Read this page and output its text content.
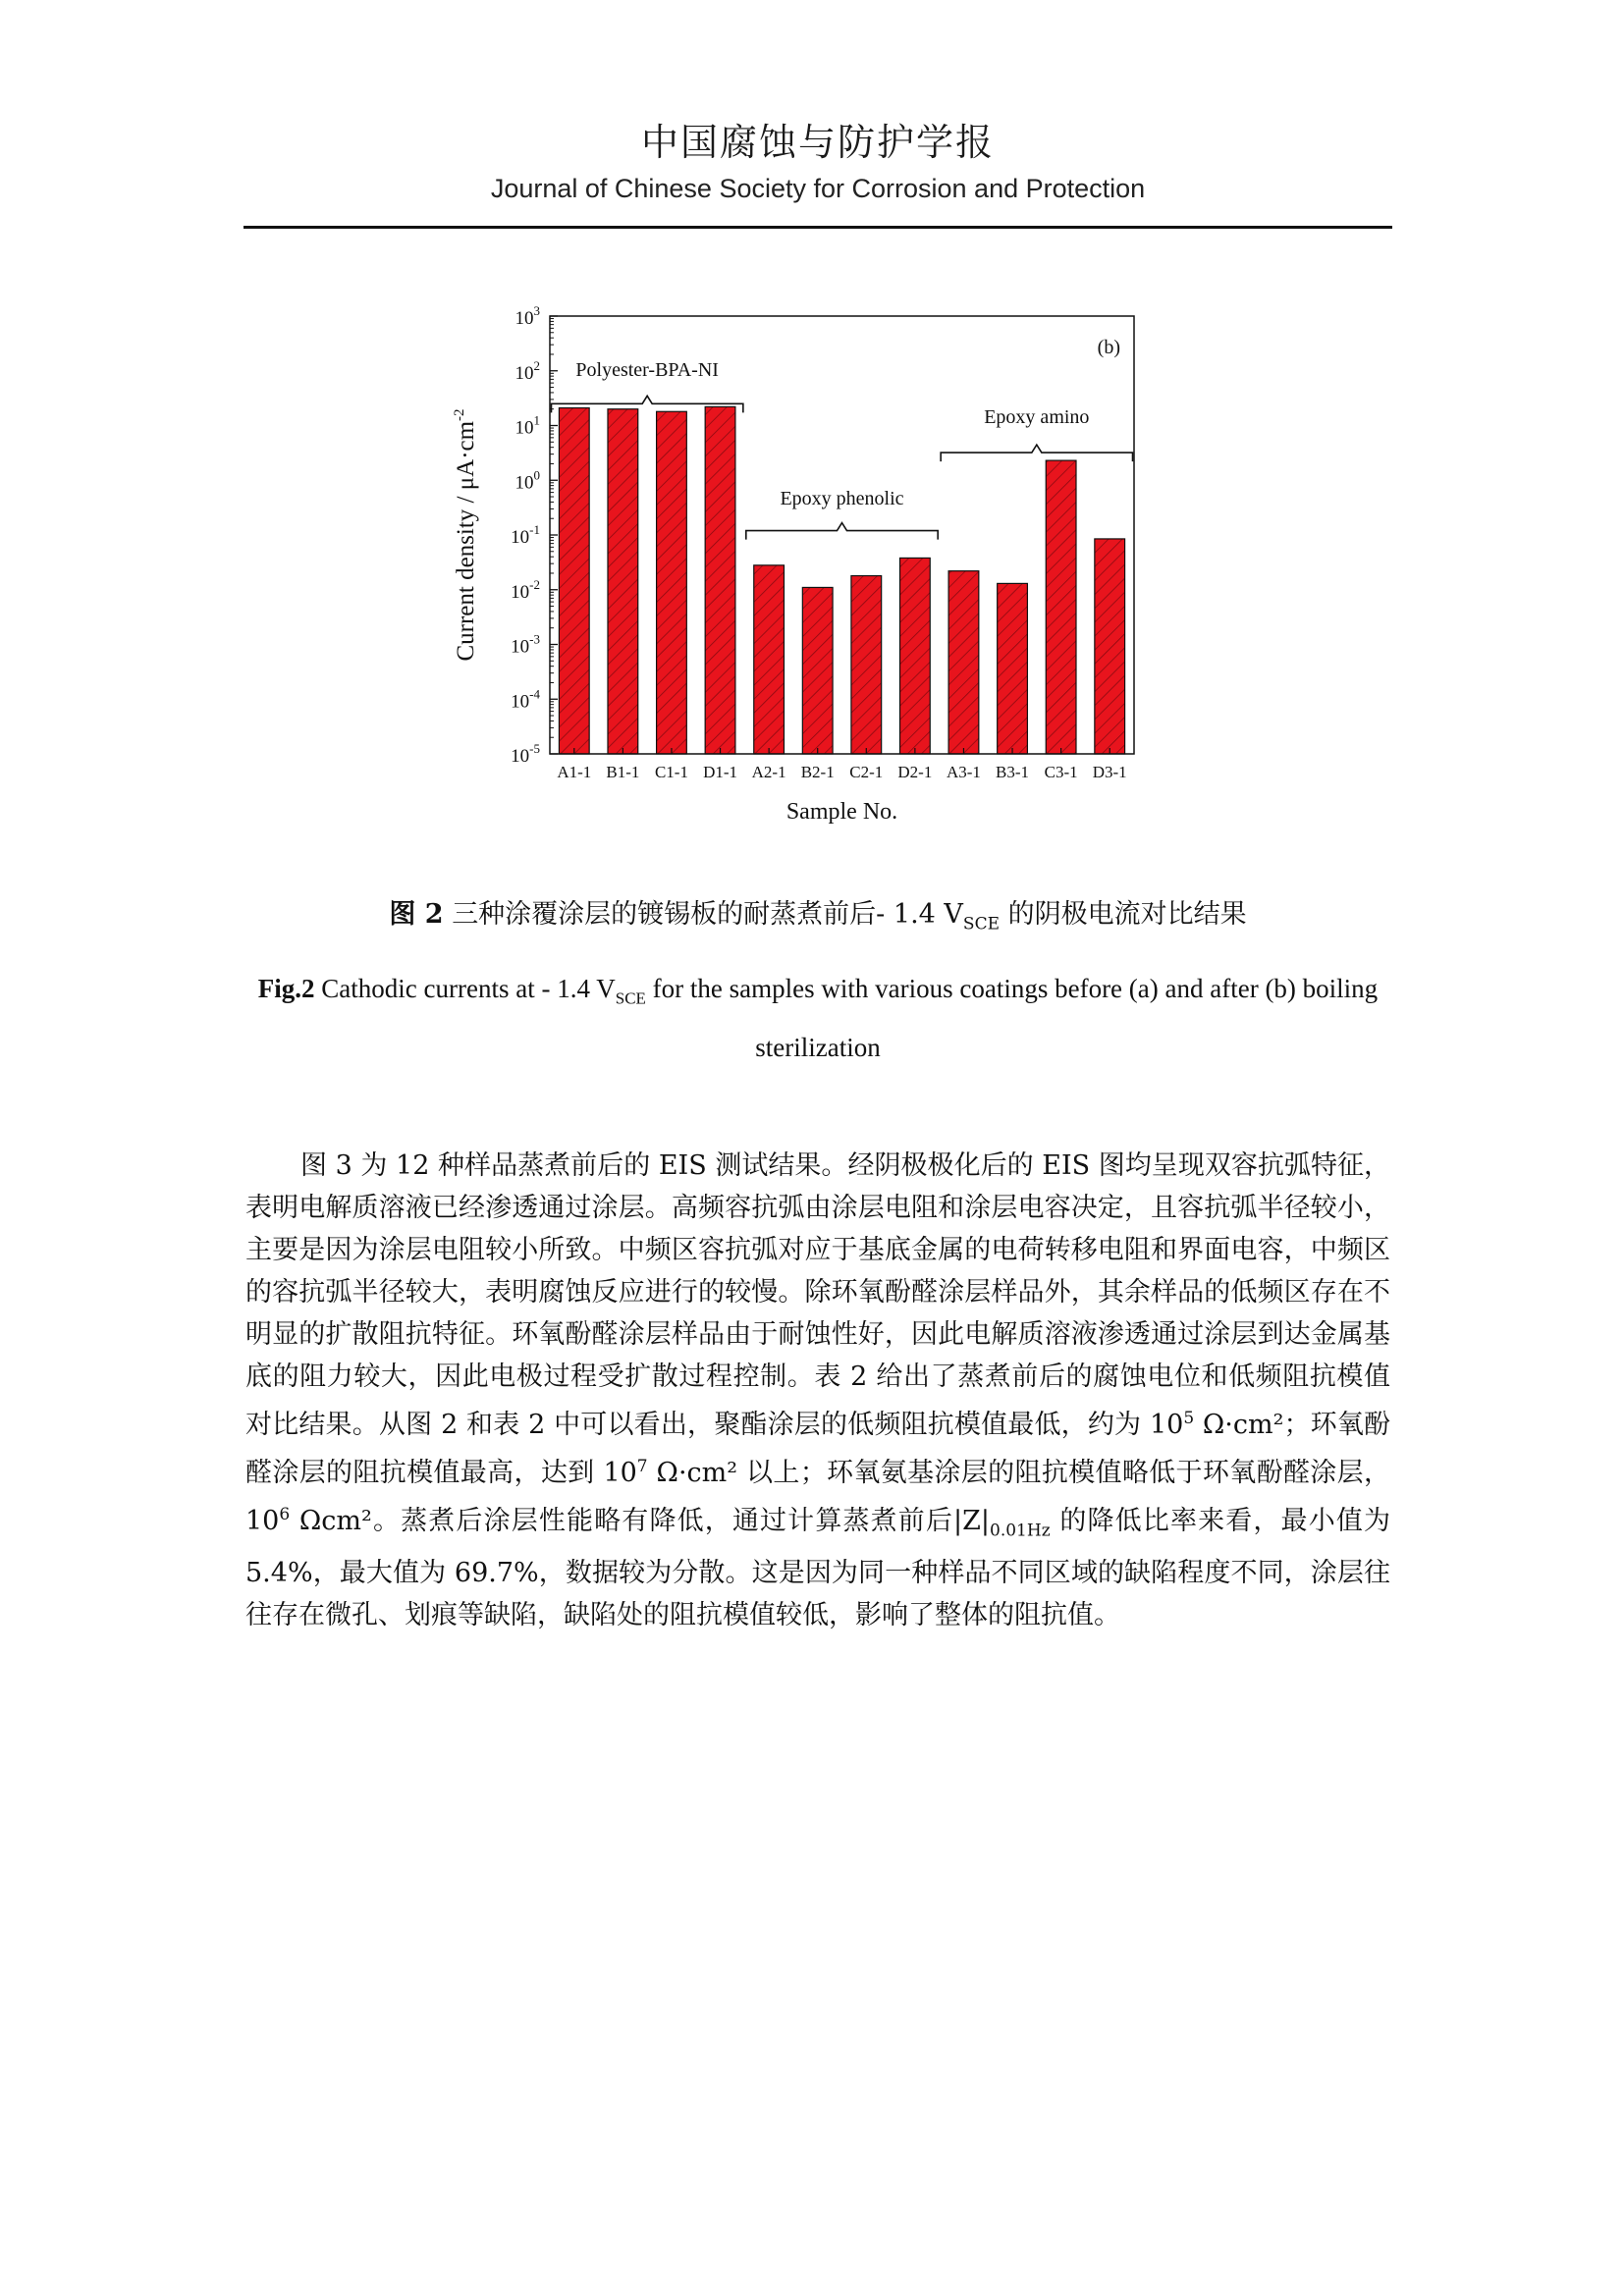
中国腐蚀与防护学报
Journal of Chinese Society for Corrosion and Protection
$10^{-5}$
$10^{-4}$
$10^{-3}$
$10^{-2}$
$10^{-1}$
$10^0$
$10^1$
$10^2$
$10^3$
A1-1 B1-1 C1-1 D1-1 A2-1 B2-1 C2-1 D2-1 A3-1 B3-1 C3-1 D3-1
Sample No.
Current density / $\mu A\cdot cm^{-2}$
(b)
Polyester-BPA-NI
Epoxy phenolic
Epoxy amino
图 2 三种涂覆涂层的镀锡板的耐蒸煮前后- 1.4 $V_{SCE}$ 的阴极电流对比结果
Fig.2 Cathodic currents at - 1.4 $V_{SCE}$ for the samples with various coatings before (a) and after (b) boiling sterilization
图 3 为 12 种样品蒸煮前后的 EIS 测试结果。经阴极极化后的 EIS 图均呈现双容抗弧特征，表明电解质溶液已经渗透通过涂层。高频容抗弧由涂层电阻和涂层电容决定，且容抗弧半径较小，主要是因为涂层电阻较小所致。中频区容抗弧对应于基底金属的电荷转移电阻和界面电容，中频区的容抗弧半径较大，表明腐蚀反应进行的较慢。除环氧酚醛涂层样品外，其余样品的低频区存在不明显的扩散阻抗特征。环氧酚醛涂层样品由于耐蚀性好，因此电解质溶液渗透通过涂层到达金属基底的阻力较大，因此电极过程受扩散过程控制。表 2 给出了蒸煮前后的腐蚀电位和低频阻抗模值对比结果。从图 2 和表 2 中可以看出，聚酯涂层的低频阻抗模值最低，约为 $10^5$ Ω·cm²；环氧酚醛涂层的阻抗模值最高，达到 $10^7$ Ω·cm² 以上；环氧氨基涂层的阻抗模值略低于环氧酚醛涂层，$10^6$ Ωcm²。蒸煮后涂层性能略有降低，通过计算蒸煮前后$|Z|_{0.01Hz}$ 的降低比率来看，最小值为 5.4%，最大值为 69.7%，数据较为分散。这是因为同一种样品不同区域的缺陷程度不同，涂层往往存在微孔、划痕等缺陷，缺陷处的阻抗模值较低，影响了整体的阻抗值。
